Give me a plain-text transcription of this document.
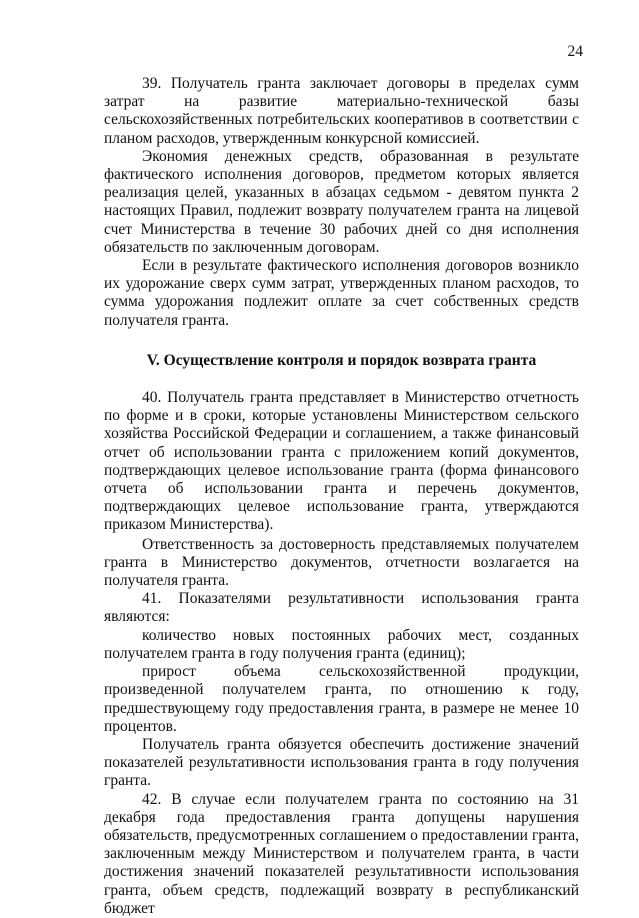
24

39. Получатель гранта заключает договоры в пределах сумм затрат на развитие материально-технической базы сельскохозяйственных потребительских кооперативов в соответствии с планом расходов, утвержденным конкурсной комиссией.

Экономия денежных средств, образованная в результате фактического исполнения договоров, предметом которых является реализация целей, указанных в абзацах седьмом - девятом пункта 2 настоящих Правил, подлежит возврату получателем гранта на лицевой счет Министерства в течение 30 рабочих дней со дня исполнения обязательств по заключенным договорам.

Если в результате фактического исполнения договоров возникло их удорожание сверх сумм затрат, утвержденных планом расходов, то сумма удорожания подлежит оплате за счет собственных средств получателя гранта.

V. Осуществление контроля и порядок возврата гранта

40. Получатель гранта представляет в Министерство отчетность по форме и в сроки, которые установлены Министерством сельского хозяйства Российской Федерации и соглашением, а также финансовый отчет об использовании гранта с приложением копий документов, подтверждающих целевое использование гранта (форма финансового отчета об использовании гранта и перечень документов, подтверждающих целевое использование гранта, утверждаются приказом Министерства).

Ответственность за достоверность представляемых получателем гранта в Министерство документов, отчетности возлагается на получателя гранта.

41. Показателями результативности использования гранта являются:

количество новых постоянных рабочих мест, созданных получателем гранта в году получения гранта (единиц);

прирост объема сельскохозяйственной продукции, произведенной получателем гранта, по отношению к году, предшествующему году предоставления гранта, в размере не менее 10 процентов.

Получатель гранта обязуется обеспечить достижение значений показателей результативности использования гранта в году получения гранта.

42. В случае если получателем гранта по состоянию на 31 декабря года предоставления гранта допущены нарушения обязательств, предусмотренных соглашением о предоставлении гранта, заключенным между Министерством и получателем гранта, в части достижения значений показателей результативности использования гранта, объем средств, подлежащий возврату в республиканский бюджет
